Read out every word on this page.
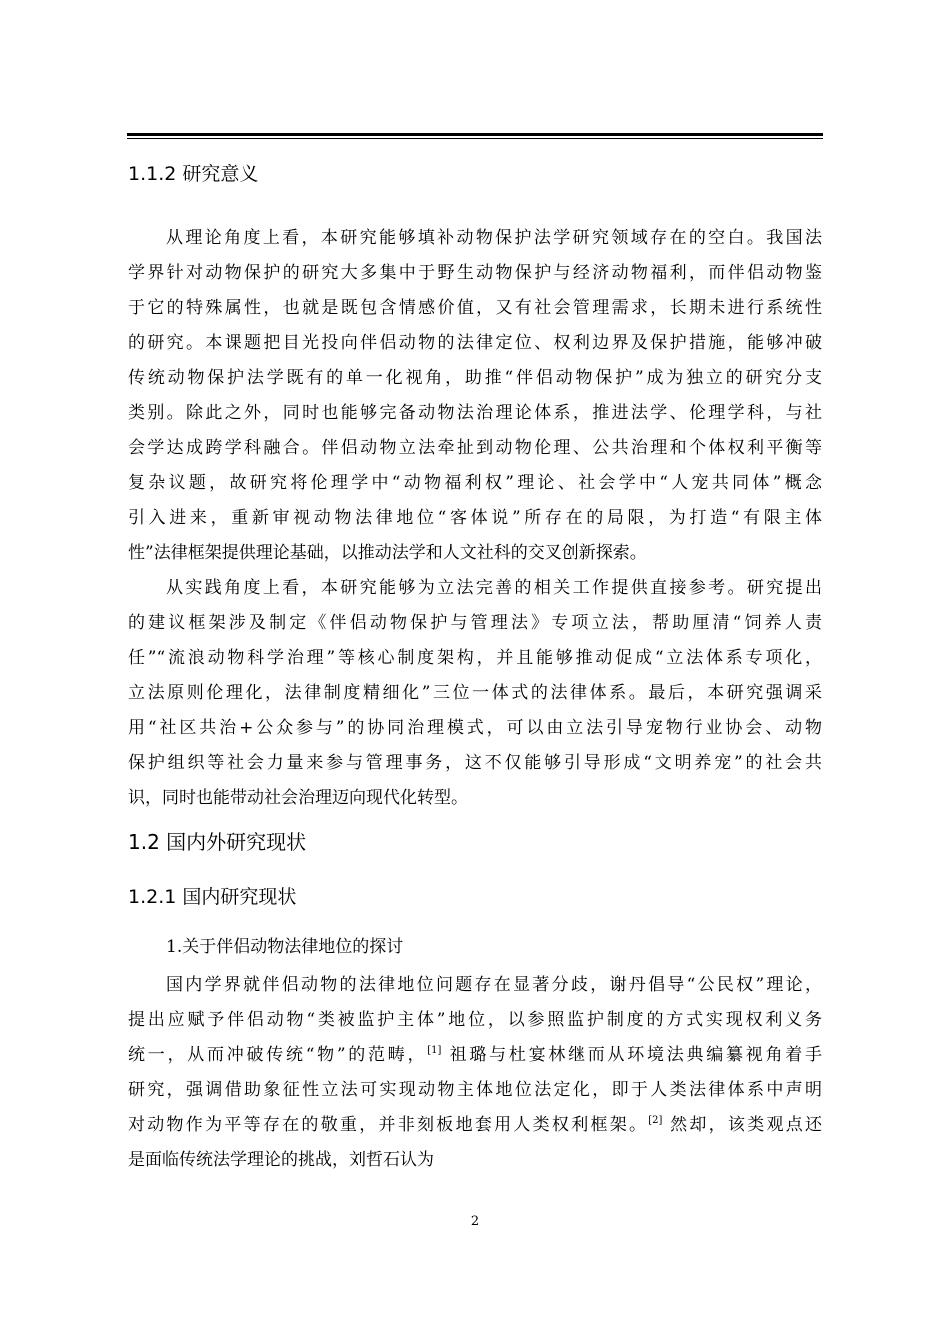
1.1.2 研究意义
从理论角度上看，本研究能够填补动物保护法学研究领域存在的空白。我国法
学界针对动物保护的研究大多集中于野生动物保护与经济动物福利，而伴侣动物鉴
于它的特殊属性，也就是既包含情感价值，又有社会管理需求，长期未进行系统性
的研究。本课题把目光投向伴侣动物的法律定位、权利边界及保护措施，能够冲破
传统动物保护法学既有的单一化视角，助推“伴侣动物保护”成为独立的研究分支
类别。除此之外，同时也能够完备动物法治理论体系，推进法学、伦理学科，与社
会学达成跨学科融合。伴侣动物立法牵扯到动物伦理、公共治理和个体权利平衡等
复杂议题，故研究将伦理学中“动物福利权”理论、社会学中“人宠共同体”概念
引入进来，重新审视动物法律地位“客体说”所存在的局限，为打造“有限主体
性”法律框架提供理论基础，以推动法学和人文社科的交叉创新探索。
从实践角度上看，本研究能够为立法完善的相关工作提供直接参考。研究提出
的建议框架涉及制定《伴侣动物保护与管理法》专项立法，帮助厘清“饲养人责
任”“流浪动物科学治理”等核心制度架构，并且能够推动促成“立法体系专项化，
立法原则伦理化，法律制度精细化”三位一体式的法律体系。最后，本研究强调采
用“社区共治+公众参与”的协同治理模式，可以由立法引导宠物行业协会、动物
保护组织等社会力量来参与管理事务，这不仅能够引导形成“文明养宠”的社会共
识，同时也能带动社会治理迈向现代化转型。
1.2 国内外研究现状
1.2.1 国内研究现状
1.关于伴侣动物法律地位的探讨
国内学界就伴侣动物的法律地位问题存在显著分歧，谢丹倡导“公民权”理论，
提出应赋予伴侣动物“类被监护主体”地位，以参照监护制度的方式实现权利义务
统一，从而冲破传统“物”的范畴，[1] 祖璐与杜宴林继而从环境法典编纂视角着手
研究，强调借助象征性立法可实现动物主体地位法定化，即于人类法律体系中声明
对动物作为平等存在的敬重，并非刻板地套用人类权利框架。[2] 然却，该类观点还
是面临传统法学理论的挑战，刘哲石认为
2
